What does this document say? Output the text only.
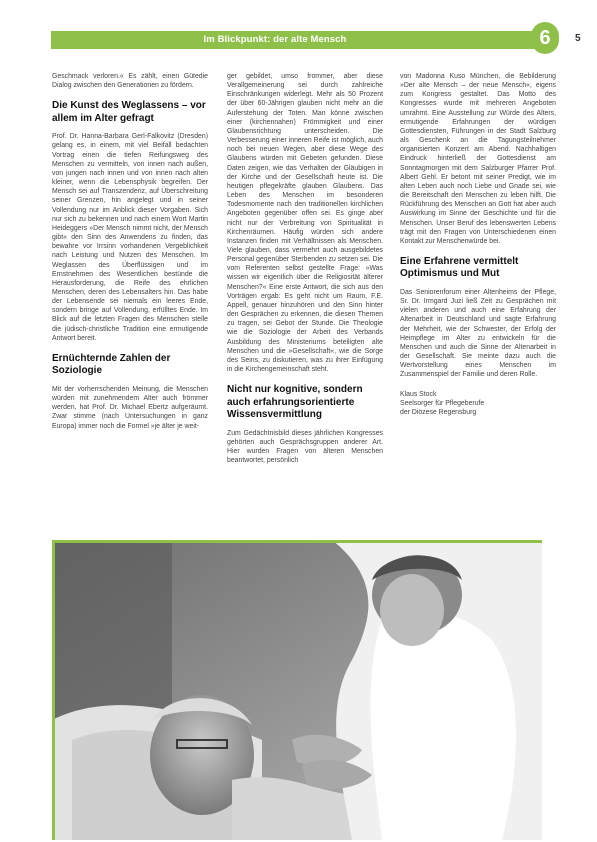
Im Blickpunkt: der alte Mensch	6	5

Geschmack verloren.« Es zählt, einen Gütedie Dialog zwischen den Generationen zu fördern.

Die Kunst des Weglassens – vor allem im Alter gefragt

Prof. Dr. Hanna-Barbara Gerl-Falkovitz (Dresden) gelang es, in einem, mit viel Beifall bedachten Vortrag einen die tiefen Reifungsweg des Menschen zu vermitteln, von innen nach außen, von jungen nach innen und von innen nach alten kleiner, wenn die Lebensphysik begreifen. Der Mensch sei auf Transzendenz, auf Überschreitung seiner Grenzen, hin angelegt und in seiner Vollendung nur im Anblick dieser Vorgaben. Sich nur sich zu bekennen und nach einem Wort Martin Heideggers »Der Mensch nimmt nicht, der Mensch gibt« den Sinn des Anwendens zu finden, das bewahre vor Irrsinn vorhandenen Vergeblichkeit nach Leistung und Nutzen des Menschen. Im Weglassen des Überflüssigen und im Ernstnehmen des Wesentlichen bestünde die Herausforderung, die Reife des ehrlichen Menschen, deren des Lebensalters hin. Das habe der Lebensende sei niemals ein leeres Ende, sondern bringe auf Vollendung, erfülltes Ende. Im Blick auf die letzten Fragen des Menschen stelle die jüdisch-christliche Tradition eine ermutigende Antwort bereit.

Ernüchternde Zahlen der Soziologie

Mit der vorherrschenden Meinung, die Menschen würden mit zunehmendem Alter auch frömmer werden, hat Prof. Dr. Michael Ebertz aufgeräumt. Zwar stimme (nach Untersuchungen in ganz Europa) immer noch die Formel »je älter je weit-

ger gebildet, umso frommer, aber diese Verallgemeinerung sei durch zahlreiche Einschränkungen widerlegt. Mehr als 50 Prozent der über 60-Jährigen glauben nicht mehr an die Auferstehung der Toten. Man könne zwischen einer (kirchennahen) Frömmigkeit und einer Glaubensrichtung unterscheiden. Die Verbesserung einer inneren Reife ist möglich, auch noch bei neuen Wegen, aber diese Wege des Glaubens würden mit Gebeten gefunden. Diese Daten zeigen, wie das Verhalten der Gläubigen in der Kirche und der Gesellschaft heute ist. Die heutigen pflegekräfte glauben Glaubens. Das Leben des Menschen im besonderen Todesmomente nach den traditionellen kirchlichen Angeboten gegenüber offen sei. Es ginge aber nicht nur der Verbreitung von Spiritualität in Kirchenräumen. Häufig würden sich andere Instanzen finden mit Verhältnissen als Menschen. Viele glauben, dass vermehrt auch ausgebildetes Personal gegenüber Sterbenden zu setzen sei. Die vom Referenten selbst gestellte Frage: »Was wissen wir eigentlich über die Religiosität älterer Menschen?« Eine erste Antwort, die sich aus den Vorträgen ergab: Es geht nicht um Raum, F.E. Appell, genauer hinzuhören und den Sinn hinter den Gesprächen zu erkennen, die diesen Themen zu tragen, sei Gebot der Stunde. Die Theologie wie die Soziologie der Arbeit des Verbands Ausbildung des Ministeriums beteiligten alte Menschen und die »Gesellschaft«, wie die Sorge des Seins, zu diskutieren, was zu ihrer Einfügung in die Kirchengemeinschaft steht.

Nicht nur kognitive, sondern auch erfahrungsorientierte Wissensvermittlung

Zum Gedächtnisbild dieses jährlichen Kongresses gehörten auch Gesprächsgruppen anderer Art. Hier wurden Fragen von älteren Menschen beantwortet, persönlich

von Madonna Kuso München, die Bebilderung »Der alte Mensch – der neue Mensch«, eigens zum Kongress gestaltet. Das Motto des Kongresses wurde mit mehreren Angeboten umrahmt. Eine Ausstellung zur Würde des Alters, ermutigende Erfahrungen der würdigen Gottesdiensten, Führungen in der Stadt Salzburg als Geschenk an die Tagungsteilnehmer organisierten Konzert am Abend. Nachhaltigen Eindruck hinterließ der Gottesdienst am Sonntagmorgen mit dem Salzburger Pfarrer Prof. Albert Gehl. Er betont mit seiner Predigt, wie im alten Leben auch noch Liebe und Gnade sei, wie die Bereitschaft den Menschen zu leben hilft. Die Rückführung des Menschen an Gott hat aber auch Auswirkung im Sinne der Geschichte und für die Menschen. Unser Beruf des lebenswerten Lebens trägt mit den Fragen von Unterschiedenen einen Kontakt zur Menschenwürde bei.

Eine Erfahrene vermittelt Optimismus und Mut

Das Seniorenforum einer Altenheims der Pflege, Sr. Dr. Irmgard Juzi ließ Zeit zu Gesprächen mit vielen anderen und auch eine Erfahrung der Altenarbeit in Deutschland und sagte Erfahrung der Mehrheit, wie der Schwester, der Erfolg der Heimpflege im Alter zu entwickeln für die Menschen und auch die Sinne der Altenarbeit in der Gesellschaft. Sie meinte dazu auch die Wertvorstellung eines Menschen im Zusammenspiel der Familie und deren Rolle.

Klaus Stock

Seelsorger für Pflegeberufe

der Diözese Regensburg
